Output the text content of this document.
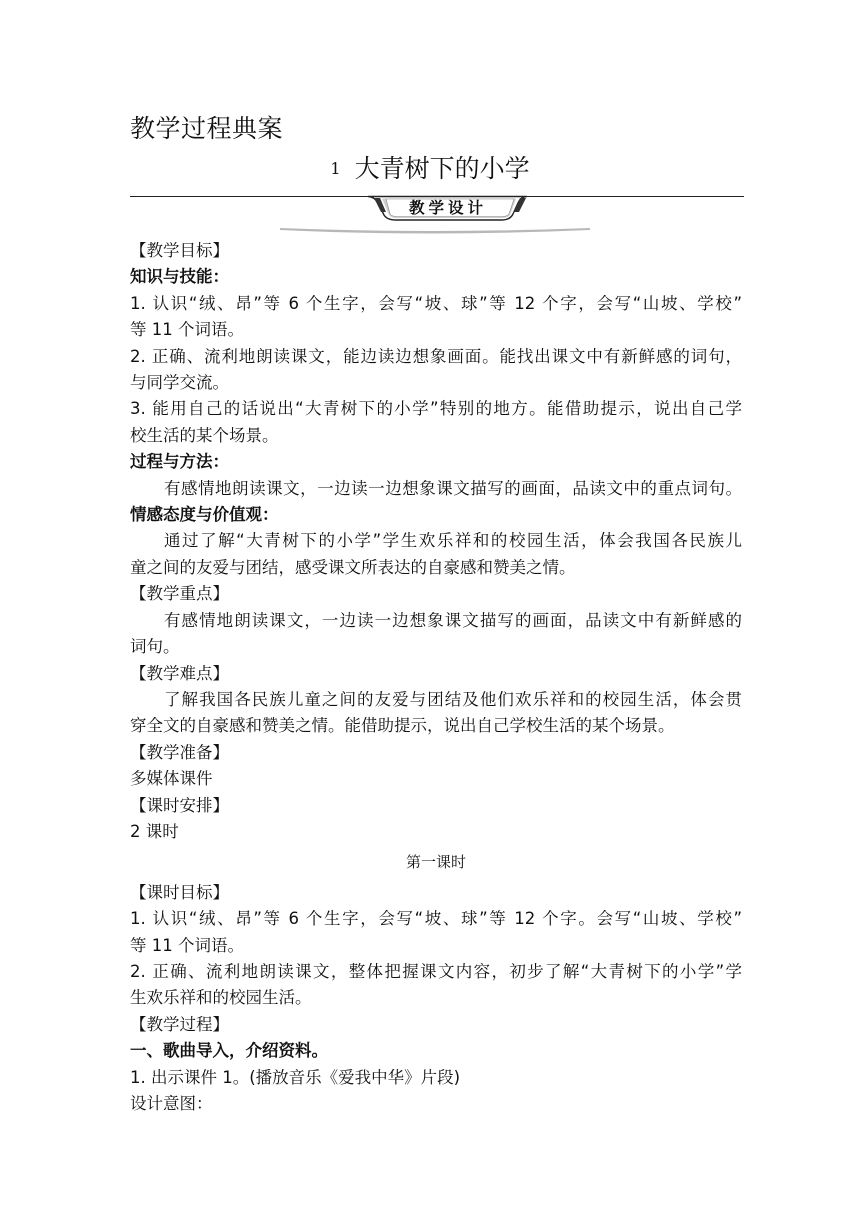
教学过程典案
1 大青树下的小学
教学设计
【教学目标】
知识与技能：
1. 认识“绒、昂”等 6 个生字，会写“坡、球”等 12 个字，会写“山坡、学校”
等 11 个词语。
2. 正确、流利地朗读课文，能边读边想象画面。能找出课文中有新鲜感的词句，
与同学交流。
3. 能用自己的话说出“大青树下的小学”特别的地方。能借助提示，说出自己学
校生活的某个场景。
过程与方法：
有感情地朗读课文，一边读一边想象课文描写的画面，品读文中的重点词句。
情感态度与价值观：
通过了解“大青树下的小学”学生欢乐祥和的校园生活，体会我国各民族儿
童之间的友爱与团结，感受课文所表达的自豪感和赞美之情。
【教学重点】
有感情地朗读课文，一边读一边想象课文描写的画面，品读文中有新鲜感的
词句。
【教学难点】
了解我国各民族儿童之间的友爱与团结及他们欢乐祥和的校园生活，体会贯
穿全文的自豪感和赞美之情。能借助提示，说出自己学校生活的某个场景。
【教学准备】
多媒体课件
【课时安排】
2 课时
第一课时
【课时目标】
1. 认识“绒、昂”等 6 个生字，会写“坡、球”等 12 个字。会写“山坡、学校”
等 11 个词语。
2. 正确、流利地朗读课文，整体把握课文内容，初步了解“大青树下的小学”学
生欢乐祥和的校园生活。
【教学过程】
一、歌曲导入，介绍资料。
1. 出示课件 1。(播放音乐《爱我中华》片段)
设计意图：
